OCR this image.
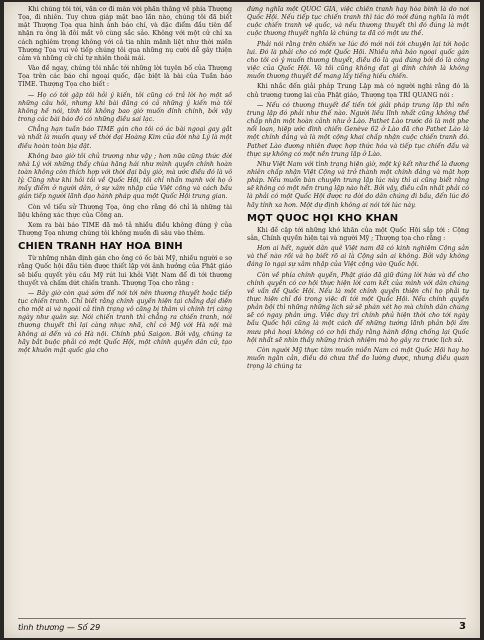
Khi chúng tôi tới, vấn cơ đi màn với phần thắng về phía Thượng Tọa, đi nhiên. Tuy chưa giáp mặt bao lần nào, chúng tôi đã biết mặt Thượng Tọa qua hình ảnh báo chí, và đặc điểm đầu tiên để nhận ra ông là đôi mắt vô cùng sắc sảo. Không với một cử chỉ xa cách nghiêm trọng không với cả tia nhìn mãnh liệt như thời miền Thượng Tọa vui vẻ tiếp chúng tôi qua những nụ cười dễ gây thiện cảm và những cử chỉ tự nhiên thoải mái.

Vào đề ngay, chúng tôi nhắc tới những lời tuyên bố của Thượng Tọa trên các báo chí ngoại quốc, đặc biệt là bài của Tuần báo TIME. Thượng Tọa cho biết :

— Họ có tới gặp tôi hỏi ý kiến, tôi cũng có trả lời họ một số những câu hỏi, nhưng khi bài đăng có cả những ý kiến mà tôi không hề nói, tính tôi không bao giờ muốn đính chính, bởi vậy trong các bài báo đó có những điều sai lạc.

Chẳng hạn tuần báo TIME gán cho tôi có ác bài ngoại gay gắt và nhất là muốn quay về thời đại Hoàng Kim của đời nhà Lý là một điều hoàn toàn bịa đặt.

Không bao giờ tôi chủ trương như vậy ; hơn nữa cũng thức đời nhà Lý với những thấy chùa hăng hái như mình quyền chính hoàn toàn không còn thích hợp với thời đại bây giờ, mà ước điều đó là vô lý. Cũng như khi hỏi tôi về Quốc Hội, tôi chỉ nhấn mạnh với họ ở mấy điểm ở người dân, ở sự xâm nhập của Việt cộng và cách bầu giản tiếp người lãnh đạo hành pháp qua một Quốc Hội trung gian.

Còn về tiểu sử Thượng Tọa, ông cho rằng đó chỉ là những tài liệu không xác thực của Công an.

Xem ra bài báo TIME đã mô tả nhiều điều không đúng ý của Thượng Tọa nhưng chúng tôi không muốn đi sâu vào thêm.

CHIẾN TRANH HAY HÒA BÌNH

Từ những nhận định gán cho ông có ốc bài Mỹ, nhiều người e sợ rằng Quốc hội đầu tiên được thiết lập với ảnh hưởng của Phật giáo sẽ biểu quyết yêu cầu Mỹ rút lui khỏi Việt Nam để đi tới thương thuyết và chấm dứt chiến tranh. Thượng Tọa cho rằng :

— Bây giờ còn quá sớm để nói tới nên thương thuyết hoặc tiếp tục chiến tranh. Chỉ biết rằng chính quyền hiện tại chẳng đại diện cho một ai và ngoài cả tình trạng vô căng bị thâm vì chính trị càng ngày như quân sự. Nói chiến tranh thì chẳng ra chiến tranh, nói thương thuyết thì lại càng nhục nhã, chỉ có Mỹ với Hà nội mà không ai đến và có Hà nội. Chính phủ Saigon. Bởi vậy, chúng ta hãy bắt buộc phải có một Quốc Hội, một chính quyền dân cử, tạo một khuôn mặt quốc gia cho

đứng nghĩa một QUỐC GIA, việc chiến tranh hay hòa bình là do nơi Quốc Hội. Nếu tiếp tục chiến tranh thì tác đó mới đúng nghĩa là một cuộc chiến tranh vệ quốc, và nếu thương thuyết thì đó đúng là một cuộc thương thuyết nghĩa là chúng ta đã có một ưu thế.

Phải nói rằng trên chiến xe lúc đó mới nói tới chuyện lại tới hoặc lui. Đó là phải cho có một Quốc Hội. Nhiều nhà báo ngoại quốc gán cho tôi có ý muốn thương thuyết, điều đó là quá đúng bởi đó là công việc của Quốc Hội. Và tôi cũng không đạt gì đính chính là không muốn thương thuyết để mang lấy tiếng hiếu chiến.

Khi nhắc đến giải pháp Trung Lập mà có người nghi rằng đó là chủ trương tương lai của Phật giáo, Thượng tọa TRÍ QUANG nói :

— Nếu có thương thuyết để tiến tới giải pháp trung lập thì nền trung lập đó phải như thế nào. Người liều lĩnh nhất cũng không thể chấp nhận một hoàn cảnh như ở Lào. Pathet Lào trước đó là một phe nổi loạn, hiệp ước đình chiến Genève 62 ở Lào đã cho Pathet Lào là một chính đảng và là một cộng khai chấp nhận cuộc chiến tranh đó. Pathet Lào đương nhiên được hợp thức hóa và tiếp tục chiến đấu và thực sự không có một nền trung lập ở Lào.

Như Việt Nam với tình trạng hiện giờ, một ký kết như thế là đương nhiên chấp nhận Việt Cộng và trở thành một chính đảng và mặt hợp pháp. Nếu muốn bàn chuyện trung lập lúc này thì ai cũng biết rằng sẽ không có một nền trung lập nào hết. Bởi vậy, điều cần nhất phải có là phải có một Quốc Hội được ra đời do dân chúng đi bầu, đến lúc đó hãy tính xa hơn. Một dự định không ai nói tới lúc này.

MỘT QUỐC HỘI KHÓ KHĂN

Khi đề cập tới những khó khăn của một Quốc Hội sắp tới : Cộng sản, Chính quyền hiện tại và người Mỹ ; Thượng tọa cho rằng :

Hơn ai hết, người dân quê Việt nam đã có kinh nghiệm Cộng sản và thế nào rồi và họ biết rõ ai là Cộng sản ai không. Bởi vậy không đáng lo ngại sự xâm nhập của Việt cộng vào Quốc hội.

Còn về phía chính quyền, Phật giáo đã giữ đúng lời hứa và để cho chính quyền có cơ hội thực hiện lời cam kết của mình với dân chúng về vấn đề Quốc Hội. Nếu là một chính quyền thiện chí họ phải tự thực hiện chỉ đó trong việc đi tới một Quốc Hội. Nếu chính quyền phản bội thì những những lịch sử sẽ phán xét họ mà chính dân chúng sẽ có ngay phản ứng. Việc duy trì chính phủ hiện thời cho tới ngày bầu Quốc hội cũng là một cách để những tướng lãnh phản bội ấm mưu phá hoại không có cơ hội thấy rằng hành động chống lại Quốc hội nhất sẽ nhìn thấy những trách nhiệm mà họ gây ra trước lịch sử.

Còn người Mỹ thực tâm muốn miền Nam có một Quốc Hội hay họ muốn ngăn cản, điều đó chưa thể đo lường được, nhưng điều quan trọng là chúng ta

tình thương — Số 29	3
